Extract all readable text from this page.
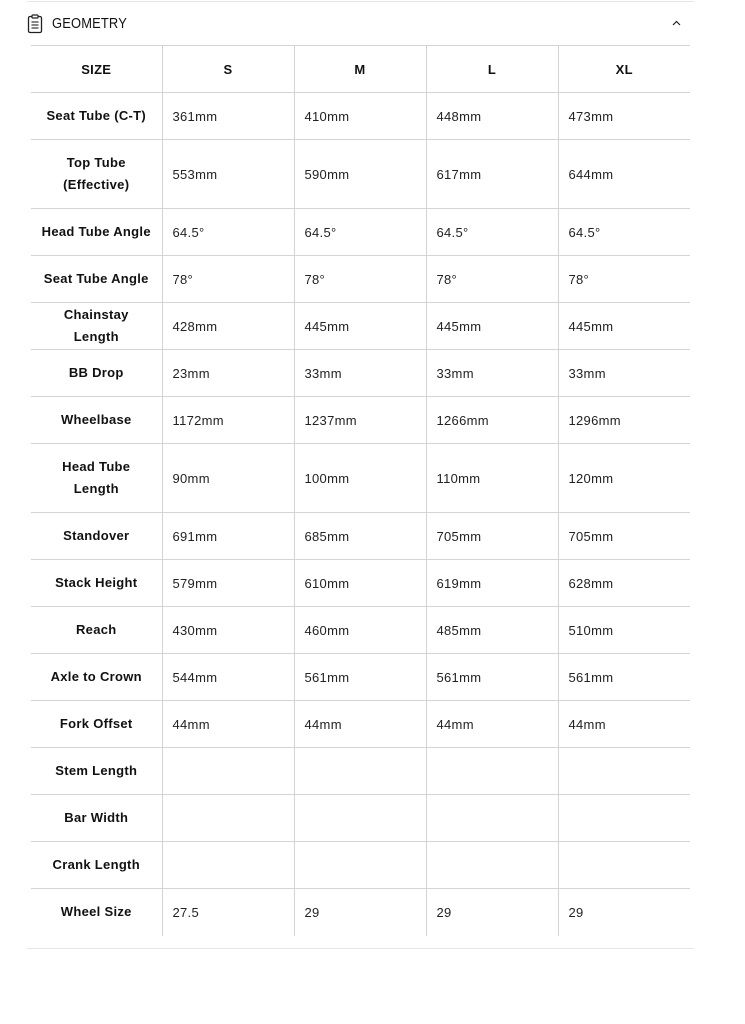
GEOMETRY
SIZE	S	M	L	XL
Seat Tube (C-T)	361mm	410mm	448mm	473mm
Top Tube (Effective)	553mm	590mm	617mm	644mm
Head Tube Angle	64.5°	64.5°	64.5°	64.5°
Seat Tube Angle	78°	78°	78°	78°
Chainstay Length	428mm	445mm	445mm	445mm
BB Drop	23mm	33mm	33mm	33mm
Wheelbase	1172mm	1237mm	1266mm	1296mm
Head Tube Length	90mm	100mm	110mm	120mm
Standover	691mm	685mm	705mm	705mm
Stack Height	579mm	610mm	619mm	628mm
Reach	430mm	460mm	485mm	510mm
Axle to Crown	544mm	561mm	561mm	561mm
Fork Offset	44mm	44mm	44mm	44mm
Stem Length				
Bar Width				
Crank Length				
Wheel Size	27.5	29	29	29
